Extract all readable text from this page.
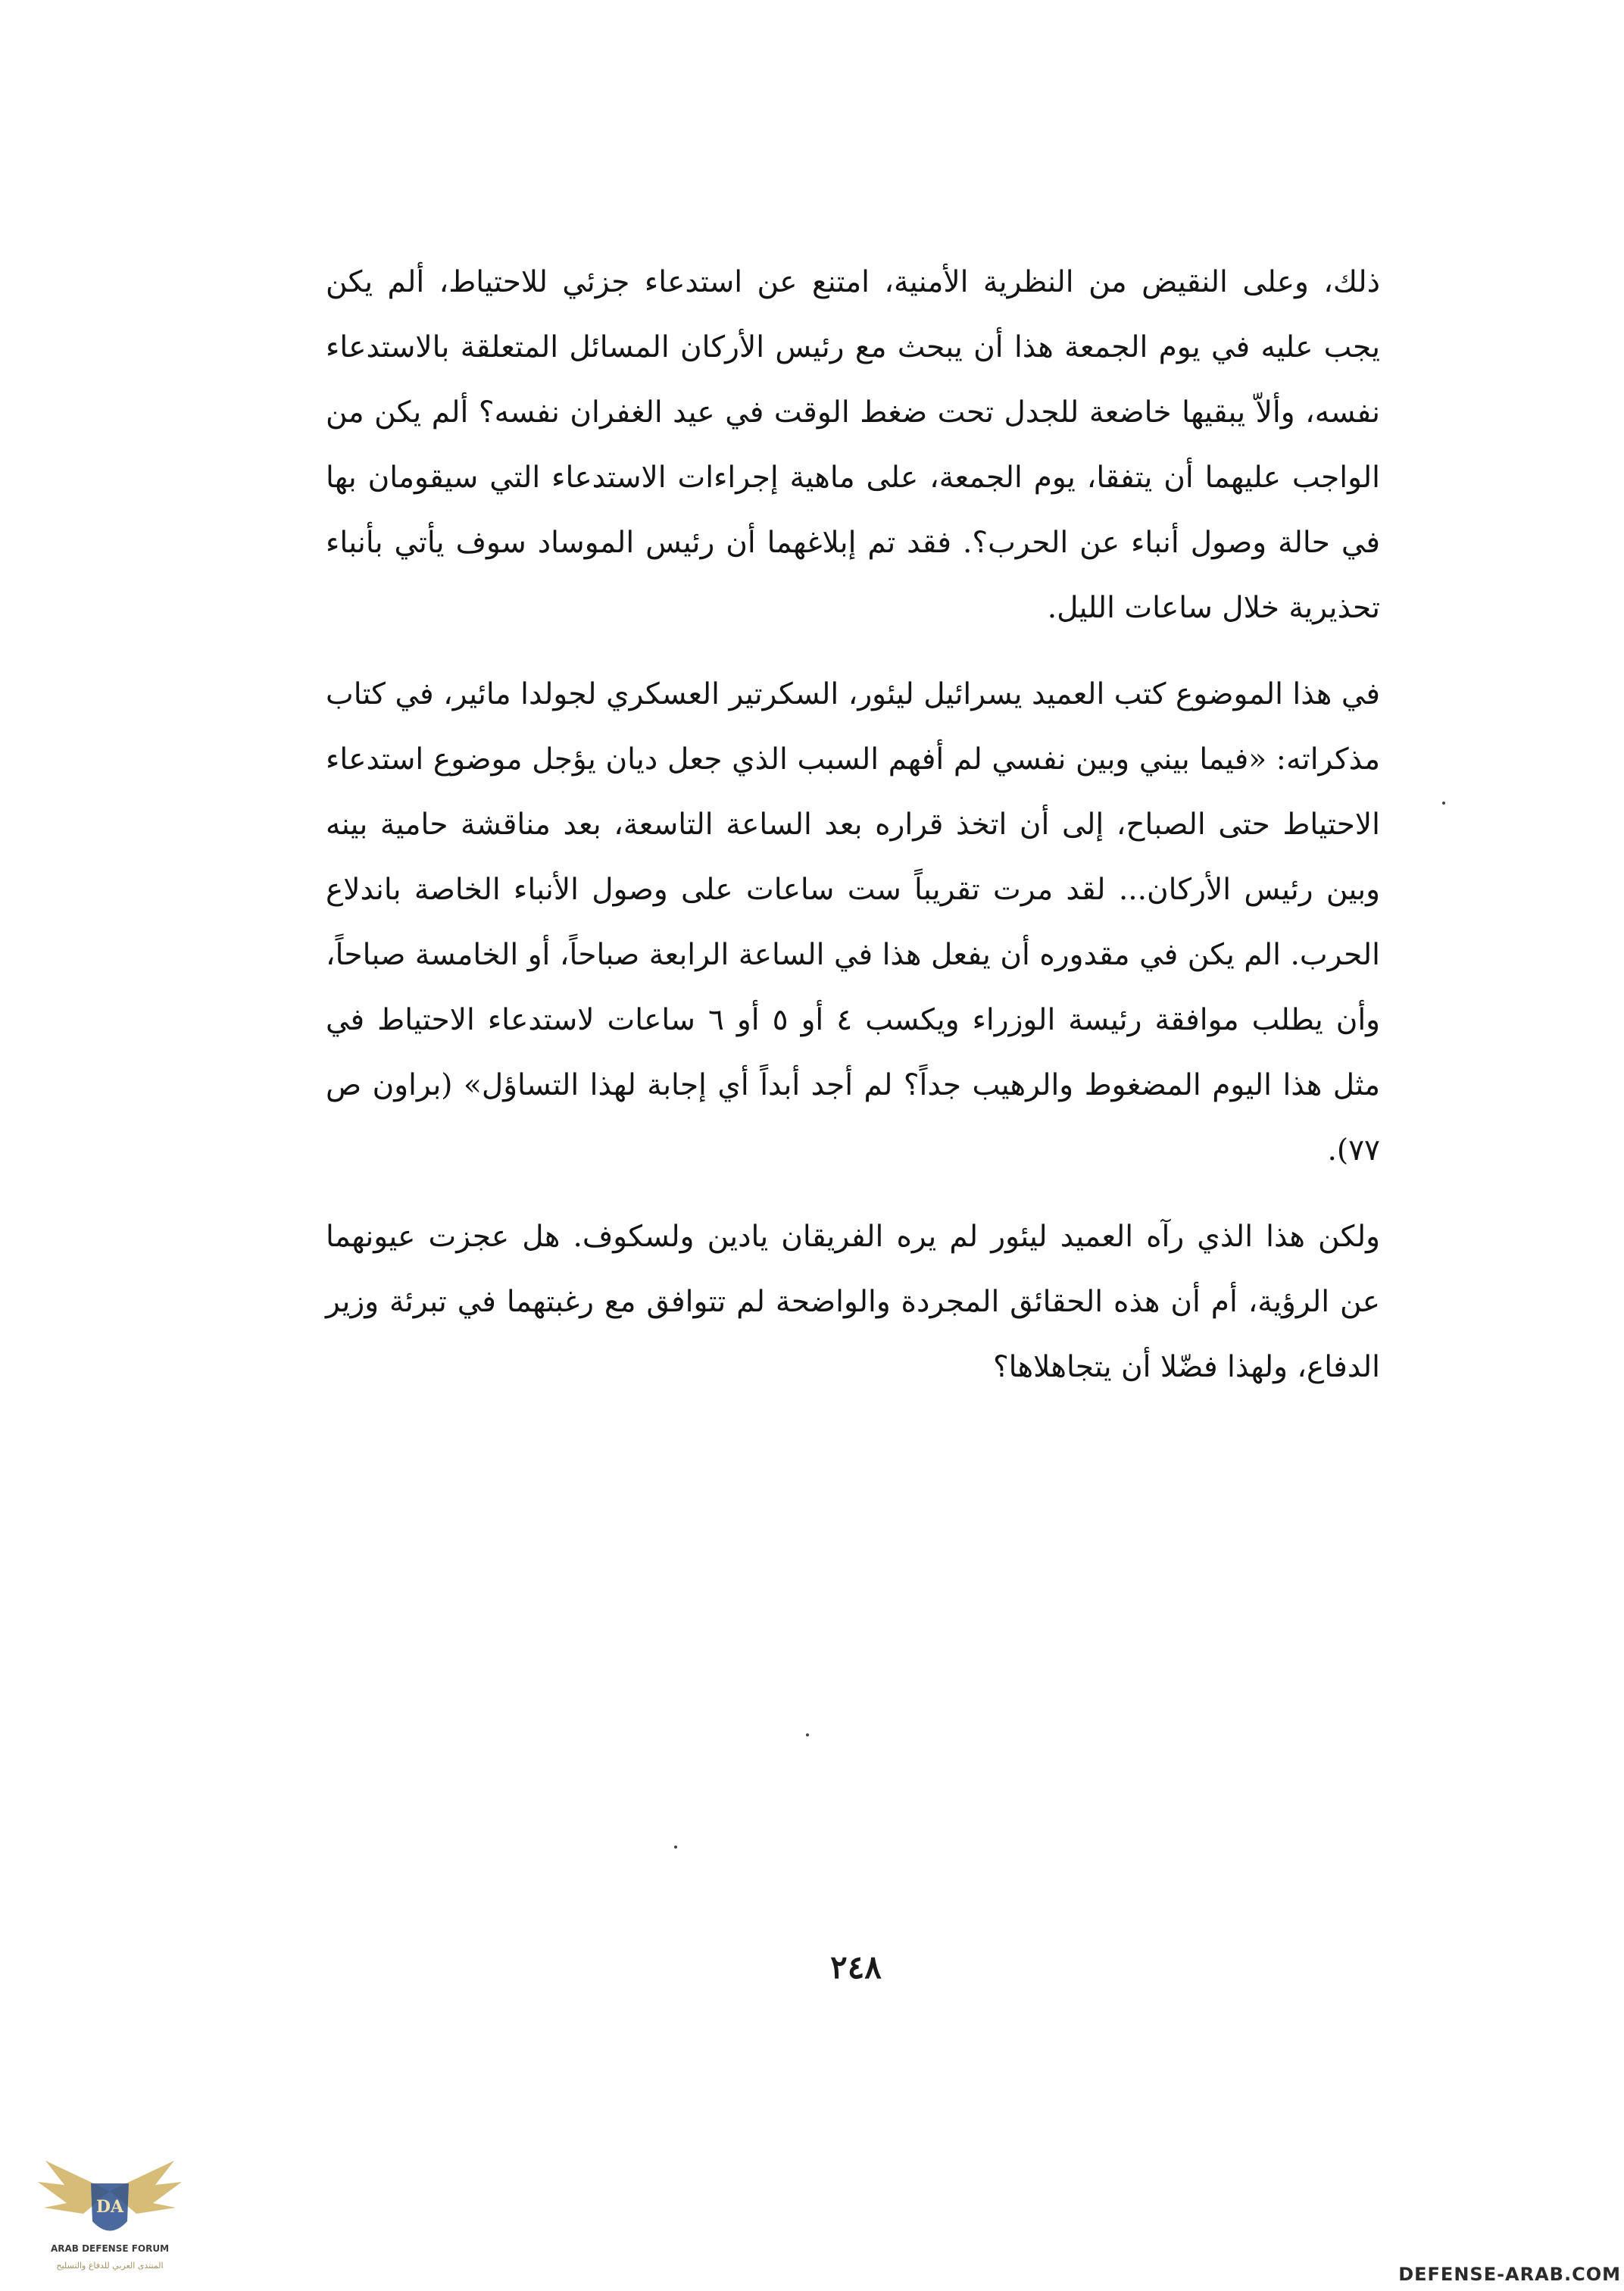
ذلك، وعلى النقيض من النظرية الأمنية، امتنع عن استدعاء جزئي للاحتياط، ألم يكن يجب عليه في يوم الجمعة هذا أن يبحث مع رئيس الأركان المسائل المتعلقة بالاستدعاء نفسه، وألاّ يبقيها خاضعة للجدل تحت ضغط الوقت في عيد الغفران نفسه؟ ألم يكن من الواجب عليهما أن يتفقا، يوم الجمعة، على ماهية إجراءات الاستدعاء التي سيقومان بها في حالة وصول أنباء عن الحرب؟. فقد تم إبلاغهما أن رئيس الموساد سوف يأتي بأنباء تحذيرية خلال ساعات الليل.

في هذا الموضوع كتب العميد يسرائيل ليئور، السكرتير العسكري لجولدا مائير، في كتاب مذكراته: «فيما بيني وبين نفسي لم أفهم السبب الذي جعل ديان يؤجل موضوع استدعاء الاحتياط حتى الصباح، إلى أن اتخذ قراره بعد الساعة التاسعة، بعد مناقشة حامية بينه وبين رئيس الأركان... لقد مرت تقريباً ست ساعات على وصول الأنباء الخاصة باندلاع الحرب. الم يكن في مقدوره أن يفعل هذا في الساعة الرابعة صباحاً، أو الخامسة صباحاً، وأن يطلب موافقة رئيسة الوزراء ويكسب ٤ أو ٥ أو ٦ ساعات لاستدعاء الاحتياط في مثل هذا اليوم المضغوط والرهيب جداً؟ لم أجد أبداً أي إجابة لهذا التساؤل» (براون ص ٧٧).

ولكن هذا الذي رآه العميد ليئور لم يره الفريقان يادين ولسكوف. هل عجزت عيونهما عن الرؤية، أم أن هذه الحقائق المجردة والواضحة لم تتوافق مع رغبتهما في تبرئة وزير الدفاع، ولهذا فضّلا أن يتجاهلاها؟

٢٤٨
DA
ARAB DEFENSE FORUM
المنتدى العربي للدفاع والتسليح	DEFENSE-ARAB.COM
